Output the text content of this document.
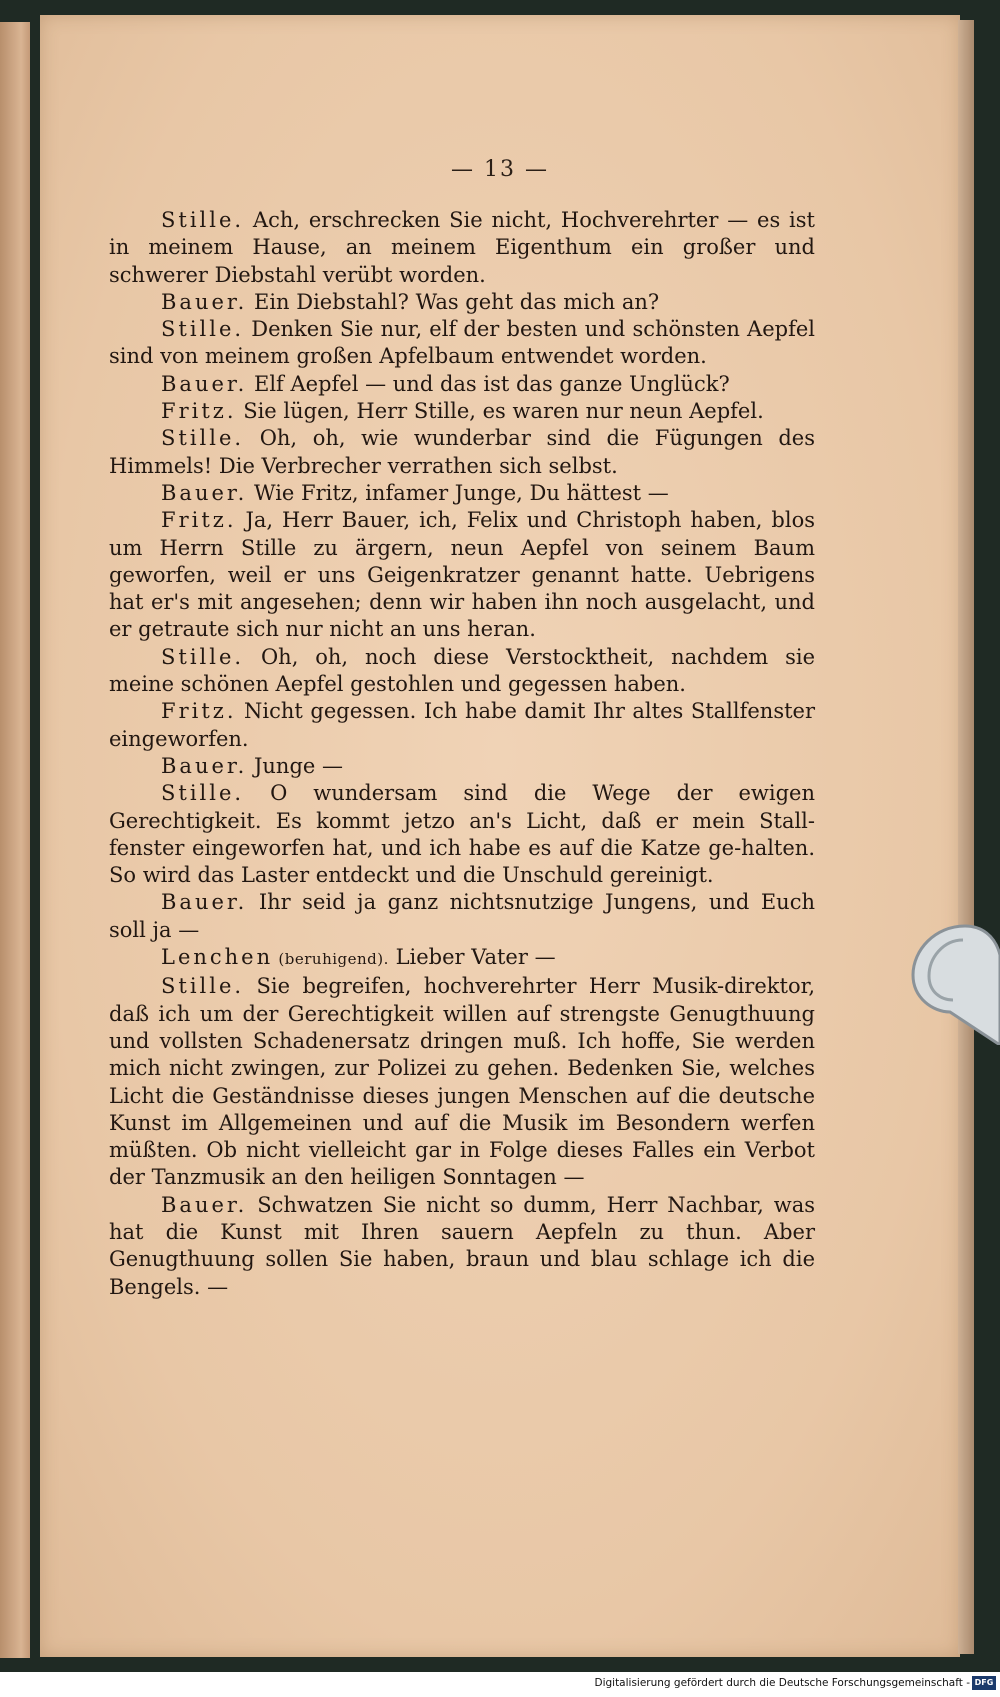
— 13 —

Stille. Ach, erschrecken Sie nicht, Hochverehrter — es ist in meinem Hause, an meinem Eigenthum ein großer und schwerer Diebstahl verübt worden.

Bauer. Ein Diebstahl? Was geht das mich an?

Stille. Denken Sie nur, elf der besten und schönsten Aepfel sind von meinem großen Apfelbaum entwendet worden.

Bauer. Elf Aepfel — und das ist das ganze Unglück?

Fritz. Sie lügen, Herr Stille, es waren nur neun Aepfel.

Stille. Oh, oh, wie wunderbar sind die Fügungen des Himmels! Die Verbrecher verrathen sich selbst.

Bauer. Wie Fritz, infamer Junge, Du hättest —

Fritz. Ja, Herr Bauer, ich, Felix und Christoph haben, blos um Herrn Stille zu ärgern, neun Aepfel von seinem Baum geworfen, weil er uns Geigenkratzer genannt hatte. Uebrigens hat er's mit angesehen; denn wir haben ihn noch ausgelacht, und er getraute sich nur nicht an uns heran.

Stille. Oh, oh, noch diese Verstocktheit, nachdem sie meine schönen Aepfel gestohlen und gegessen haben.

Fritz. Nicht gegessen. Ich habe damit Ihr altes Stallfenster eingeworfen.

Bauer. Junge —

Stille. O wundersam sind die Wege der ewigen Gerechtigkeit. Es kommt jetzo an's Licht, daß er mein Stall-fenster eingeworfen hat, und ich habe es auf die Katze ge-halten. So wird das Laster entdeckt und die Unschuld gereinigt.

Bauer. Ihr seid ja ganz nichtsnutzige Jungens, und Euch soll ja —

Lenchen (beruhigend). Lieber Vater —

Stille. Sie begreifen, hochverehrter Herr Musik-direktor, daß ich um der Gerechtigkeit willen auf strengste Genugthuung und vollsten Schadenersatz dringen muß. Ich hoffe, Sie werden mich nicht zwingen, zur Polizei zu gehen. Bedenken Sie, welches Licht die Geständnisse dieses jungen Menschen auf die deutsche Kunst im Allgemeinen und auf die Musik im Besondern werfen müßten. Ob nicht vielleicht gar in Folge dieses Falles ein Verbot der Tanzmusik an den heiligen Sonntagen —

Bauer. Schwatzen Sie nicht so dumm, Herr Nachbar, was hat die Kunst mit Ihren sauern Aepfeln zu thun. Aber Genugthuung sollen Sie haben, braun und blau schlage ich die Bengels. —

Digitalisierung gefördert durch die Deutsche Forschungsgemeinschaft - DFG
